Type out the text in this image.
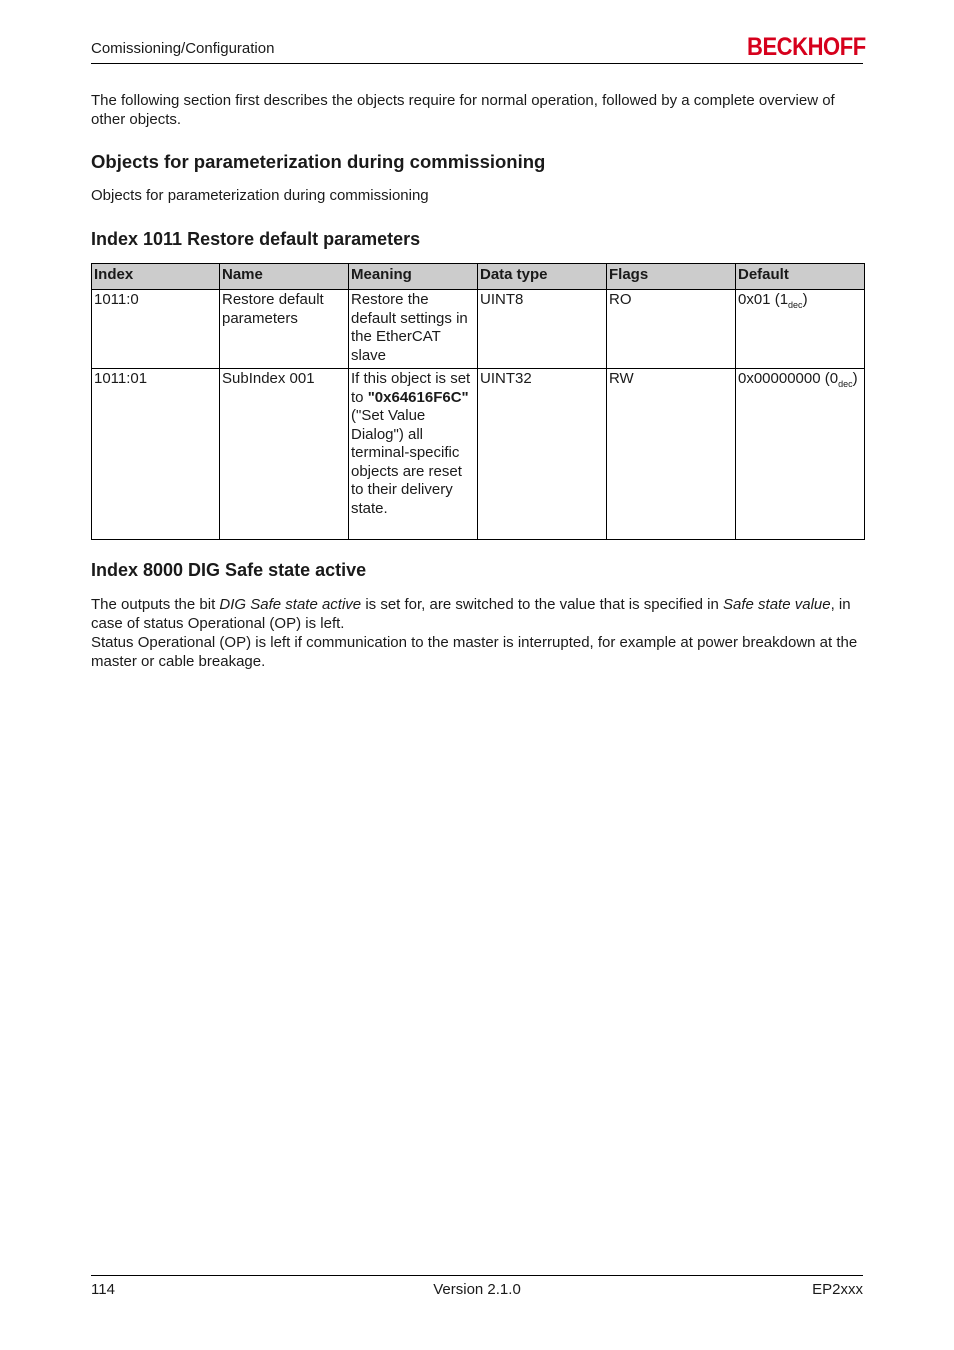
Comissioning/Configuration	BECKHOFF
The following section first describes the objects require for normal operation, followed by a complete overview of other objects.
Objects for parameterization during commissioning
Objects for parameterization during commissioning
Index 1011 Restore default parameters
Index	Name	Meaning	Data type	Flags	Default
1011:0	Restore default parameters	Restore the default settings in the EtherCAT slave	UINT8	RO	0x01 $(1_{dec})$
1011:01	SubIndex 001	If this object is set to "0x64616F6C" ("Set Value Dialog") all terminal-specific objects are reset to their delivery state.	UINT32	RW	0x00000000 $(0_{dec})$
Index 8000 DIG Safe state active
The outputs the bit DIG Safe state active is set for, are switched to the value that is specified in Safe state value, in case of status Operational (OP) is left.
Status Operational (OP) is left if communication to the master is interrupted, for example at power breakdown at the master or cable breakage.
114	Version 2.1.0	EP2xxx
